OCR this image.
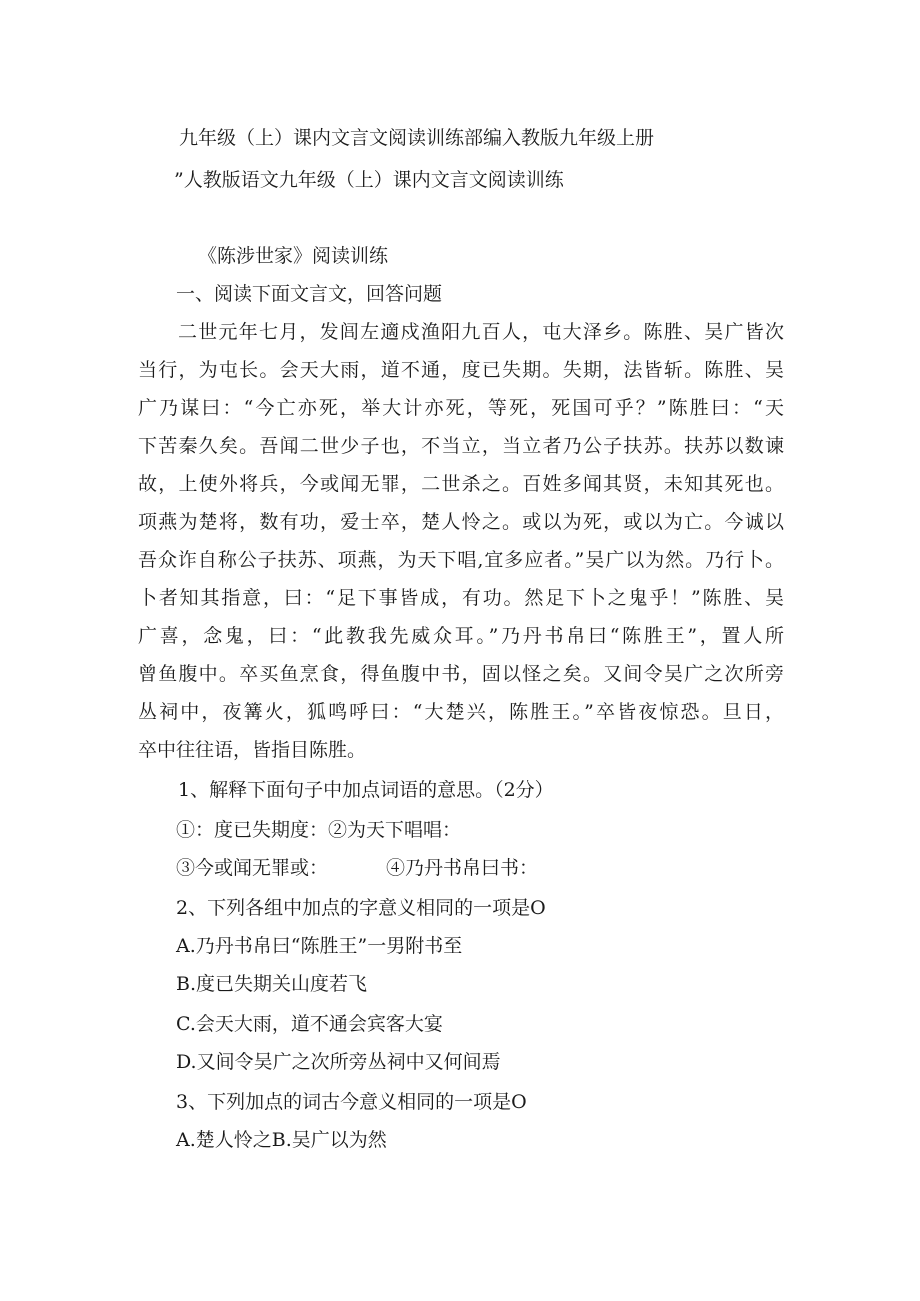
九年级（上）课内文言文阅读训练部编入教版九年级上册
”人教版语文九年级（上）课内文言文阅读训练
《陈涉世家》阅读训练
一、阅读下面文言文，回答问题
二世元年七月，发闾左適戍渔阳九百人，屯大泽乡。陈胜、吴广皆次
当行，为屯长。会天大雨，道不通，度已失期。失期，法皆斩。陈胜、吴
广乃谋曰：“今亡亦死，举大计亦死，等死，死国可乎？”陈胜曰：“天
下苦秦久矣。吾闻二世少子也，不当立，当立者乃公子扶苏。扶苏以数谏
故，上使外将兵，今或闻无罪，二世杀之。百姓多闻其贤，未知其死也。
项燕为楚将，数有功，爱士卒，楚人怜之。或以为死，或以为亡。今诚以
吾众诈自称公子扶苏、项燕，为天下唱,宜多应者。”吴广以为然。乃行卜。
卜者知其指意，曰：“足下事皆成，有功。然足下卜之鬼乎！”陈胜、吴
广喜，念鬼，曰：“此教我先威众耳。”乃丹书帛曰“陈胜王”，置人所
曾鱼腹中。卒买鱼烹食，得鱼腹中书，固以怪之矣。又间令吴广之次所旁
丛祠中，夜篝火，狐鸣呼曰：“大楚兴，陈胜王。”卒皆夜惊恐。旦日，
卒中往往语，皆指目陈胜。
1、解释下面句子中加点词语的意思。（2分）
①：度已失期度：②为天下唱唱：
③今或闻无罪或：	④乃丹书帛曰书：
2、下列各组中加点的字意义相同的一项是O
A.乃丹书帛曰“陈胜王”一男附书至
B.度已失期关山度若飞
C.会天大雨，道不通会宾客大宴
D.又间令吴广之次所旁丛祠中又何间焉
3、下列加点的词古今意义相同的一项是O
A.楚人怜之B.吴广以为然
